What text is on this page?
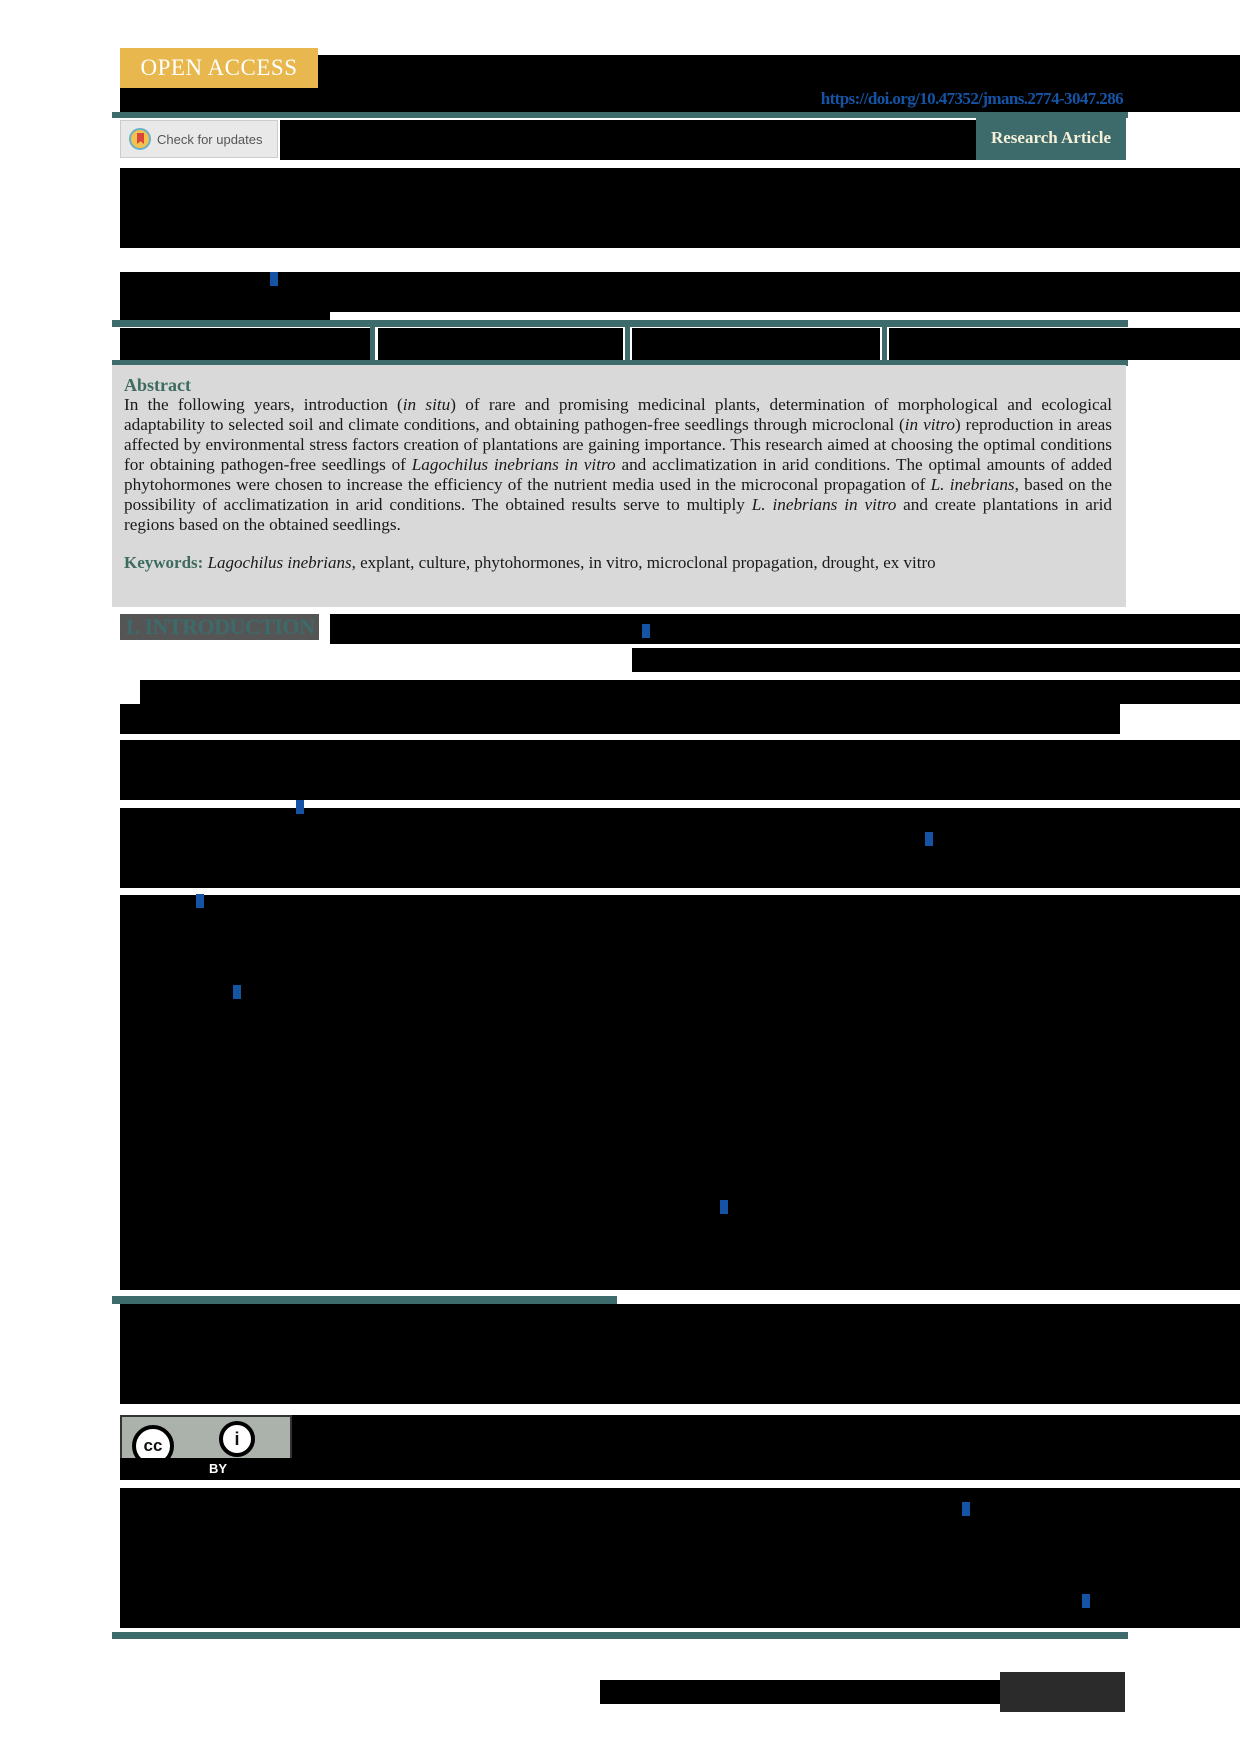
OPEN ACCESS
https://doi.org/10.47352/jmans.2774-3047.286
Check for updates	Research Article
Abstract

In the following years, introduction (in situ) of rare and promising medicinal plants, determination of morphological and ecological adaptability to selected soil and climate conditions, and obtaining pathogen-free seedlings through microclonal (in vitro) reproduction in areas affected by environmental stress factors creation of plantations are gaining importance. This research aimed at choosing the optimal conditions for obtaining pathogen-free seedlings of Lagochilus inebrians in vitro and acclimatization in arid conditions. The optimal amounts of added phytohormones were chosen to increase the efficiency of the nutrient media used in the microconal propagation of L. inebrians, based on the possibility of acclimatization in arid conditions. The obtained results serve to multiply L. inebrians in vitro and create plantations in arid regions based on the obtained seedlings.

Keywords: Lagochilus inebrians, explant, culture, phytohormones, in vitro, microclonal propagation, drought, ex vitro

1. INTRODUCTION
cc	i
BY
